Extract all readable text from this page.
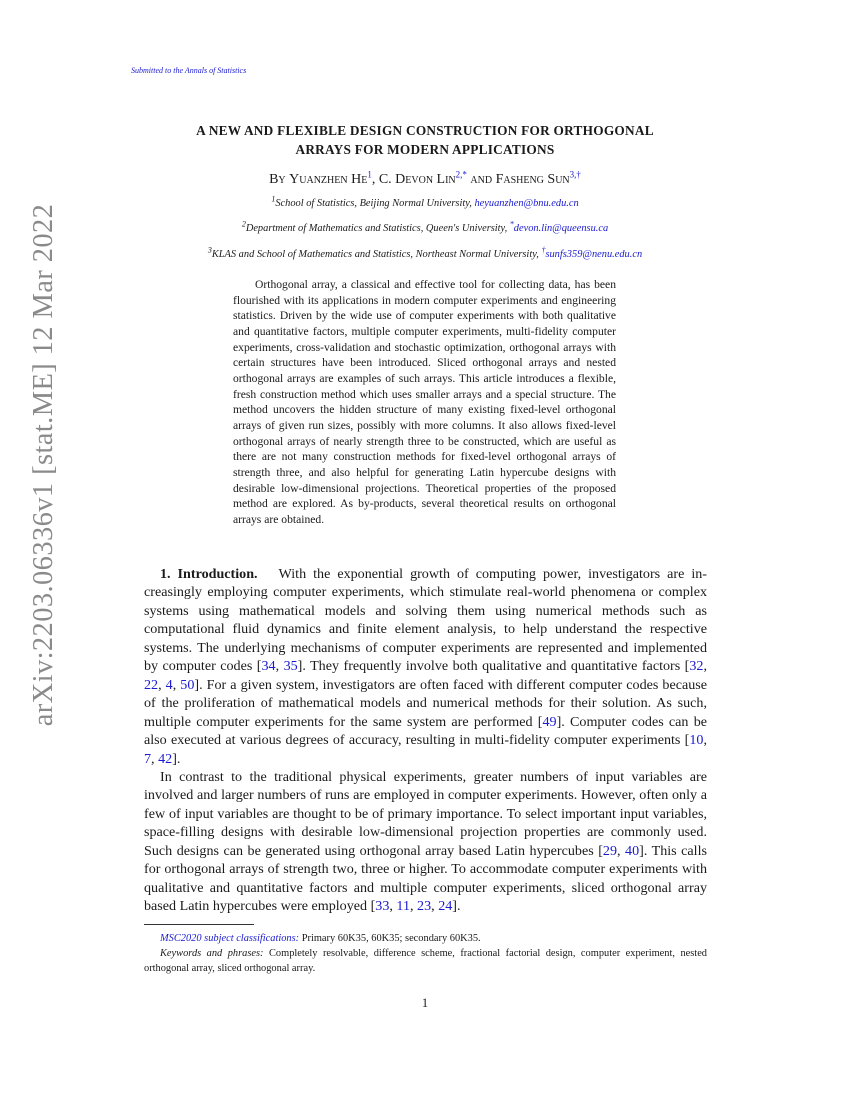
Submitted to the Annals of Statistics
A NEW AND FLEXIBLE DESIGN CONSTRUCTION FOR ORTHOGONAL
ARRAYS FOR MODERN APPLICATIONS
By Yuanzhen He$^1$, C. Devon Lin$^{2,*}$ and Fasheng Sun$^{3,\dagger}$
$^1$School of Statistics, Beijing Normal University, heyuanzhen@bnu.edu.cn
$^2$Department of Mathematics and Statistics, Queen's University, *devon.lin@queensu.ca
$^3$KLAS and School of Mathematics and Statistics, Northeast Normal University, †sunfs359@nenu.edu.cn

Orthogonal array, a classical and effective tool for collecting data, has been flourished with its applications in modern computer experiments and engineering statistics. Driven by the wide use of computer experiments with both qualitative and quantitative factors, multiple computer experiments, multi-fidelity computer experiments, cross-validation and stochastic optimization, orthogonal arrays with certain structures have been introduced. Sliced orthogonal arrays and nested orthogonal arrays are examples of such arrays. This article introduces a flexible, fresh construction method which uses smaller arrays and a special structure. The method uncovers the hidden structure of many existing fixed-level orthogonal arrays of given run sizes, possibly with more columns. It also allows fixed-level orthogonal arrays of nearly strength three to be constructed, which are useful as there are not many construction methods for fixed-level orthogonal arrays of strength three, and also helpful for generating Latin hypercube designs with desirable low-dimensional projections. Theoretical properties of the proposed method are explored. As by-products, several theoretical results on orthogonal arrays are obtained.

1. Introduction. With the exponential growth of computing power, investigators are increasingly employing computer experiments, which stimulate real-world phenomena or complex systems using mathematical models and solving them using numerical methods such as computational fluid dynamics and finite element analysis, to help understand the respective systems. The underlying mechanisms of computer experiments are represented and implemented by computer codes [34, 35]. They frequently involve both qualitative and quantitative factors [32, 22, 4, 50]. For a given system, investigators are often faced with different computer codes because of the proliferation of mathematical models and numerical methods for their solution. As such, multiple computer experiments for the same system are performed [49]. Computer codes can be also executed at various degrees of accuracy, resulting in multi-fidelity computer experiments [10, 7, 42].

In contrast to the traditional physical experiments, greater numbers of input variables are involved and larger numbers of runs are employed in computer experiments. However, often only a few of input variables are thought to be of primary importance. To select important input variables, space-filling designs with desirable low-dimensional projection properties are commonly used. Such designs can be generated using orthogonal array based Latin hypercubes [29, 40]. This calls for orthogonal arrays of strength two, three or higher. To accommodate computer experiments with qualitative and quantitative factors and multiple computer experiments, sliced orthogonal array based Latin hypercubes were employed [33, 11, 23, 24].

MSC2020 subject classifications: Primary 60K35, 60K35; secondary 60K35.

Keywords and phrases: Completely resolvable, difference scheme, fractional factorial design, computer experiment, nested orthogonal array, sliced orthogonal array.

1
arXiv:2203.06336v1 [stat.ME] 12 Mar 2022
